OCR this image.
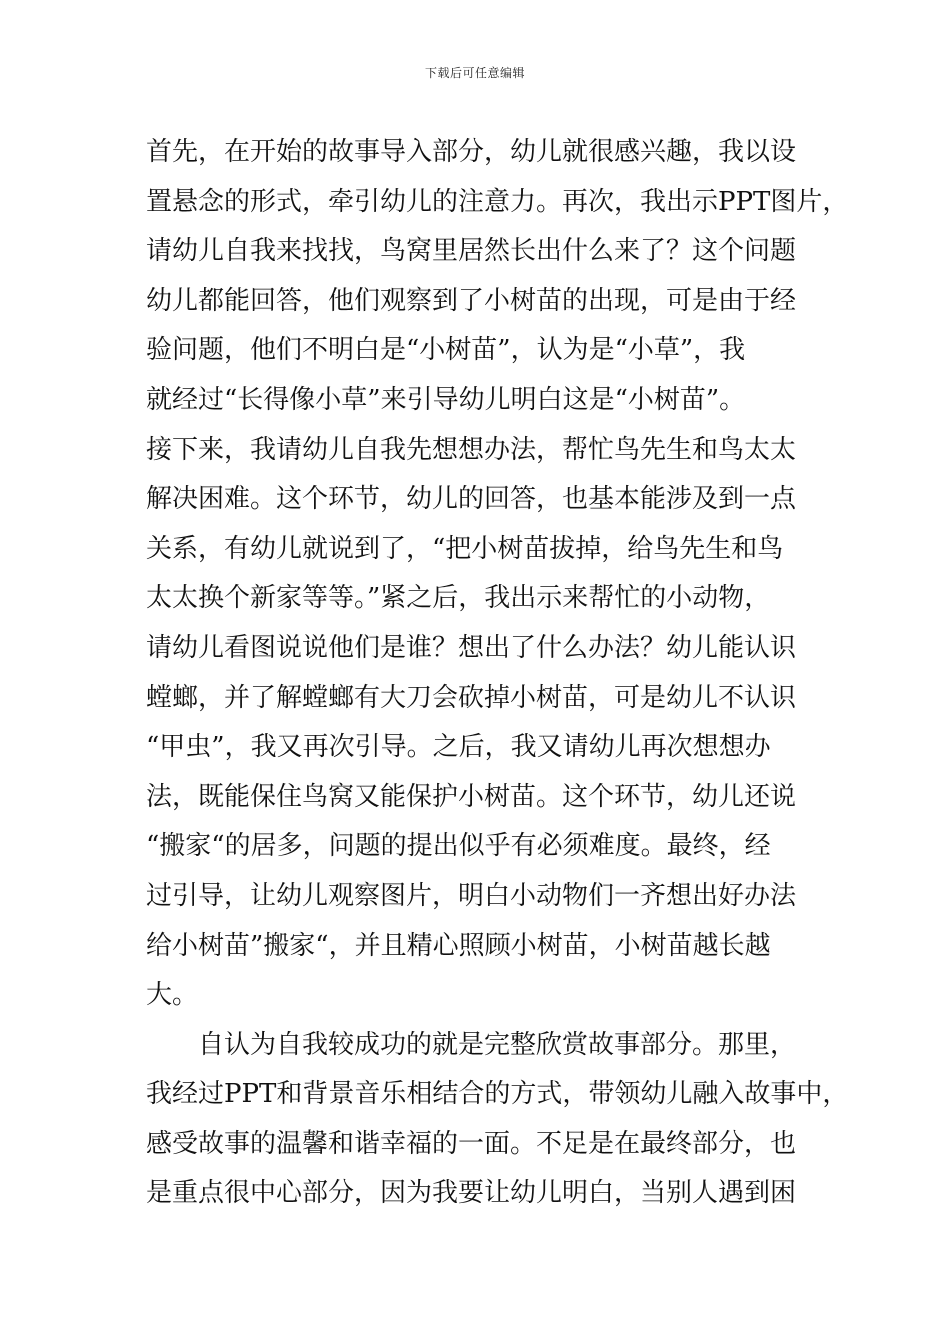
下载后可任意编辑
首先，在开始的故事导入部分，幼儿就很感兴趣，我以设
置悬念的形式，牵引幼儿的注意力。再次，我出示PPT图片，
请幼儿自我来找找，鸟窝里居然长出什么来了？这个问题
幼儿都能回答，他们观察到了小树苗的出现，可是由于经
验问题，他们不明白是“小树苗”，认为是“小草”，我
就经过“长得像小草”来引导幼儿明白这是“小树苗”。
接下来，我请幼儿自我先想想办法，帮忙鸟先生和鸟太太
解决困难。这个环节，幼儿的回答，也基本能涉及到一点
关系，有幼儿就说到了，“把小树苗拔掉，给鸟先生和鸟
太太换个新家等等。”紧之后，我出示来帮忙的小动物，
请幼儿看图说说他们是谁？想出了什么办法？幼儿能认识
螳螂，并了解螳螂有大刀会砍掉小树苗，可是幼儿不认识
“甲虫”，我又再次引导。之后，我又请幼儿再次想想办
法，既能保住鸟窝又能保护小树苗。这个环节，幼儿还说
“搬家“的居多，问题的提出似乎有必须难度。最终，经
过引导，让幼儿观察图片，明白小动物们一齐想出好办法
给小树苗”搬家“，并且精心照顾小树苗，小树苗越长越
大。
自认为自我较成功的就是完整欣赏故事部分。那里，
我经过PPT和背景音乐相结合的方式，带领幼儿融入故事中，
感受故事的温馨和谐幸福的一面。不足是在最终部分，也
是重点很中心部分，因为我要让幼儿明白，当别人遇到困
